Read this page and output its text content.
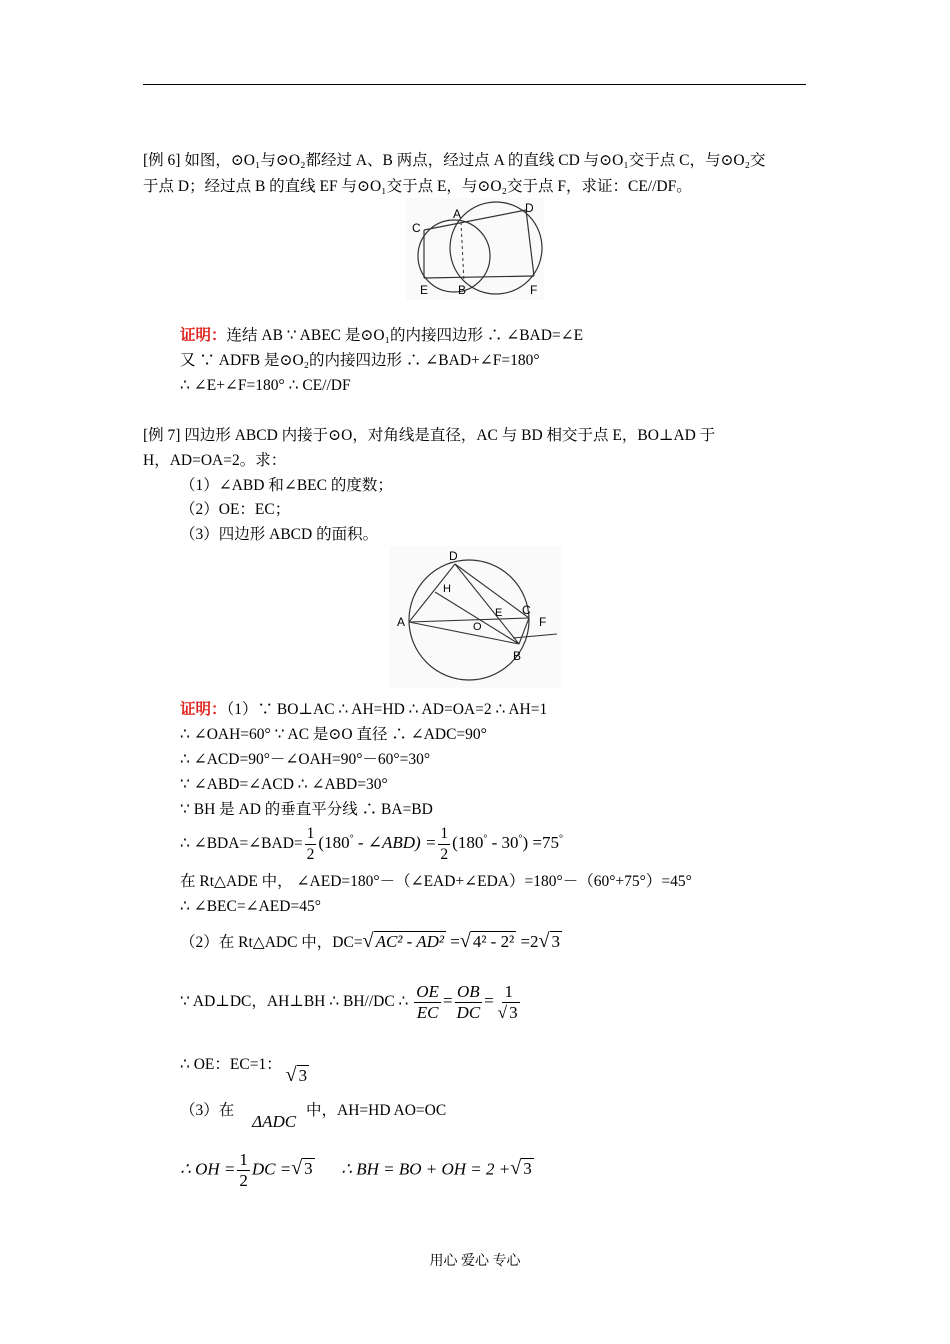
[例 6] 如图，⊙O₁与⊙O₂都经过 A、B 两点，经过点 A 的直线 CD 与⊙O₁交于点 C，与⊙O₂交
于点 D；经过点 B 的直线 EF 与⊙O₁交于点 E，与⊙O₂交于点 F，求证：CE//DF。
C
A	D
E B	F
证明：连结 AB ∵ ABEC 是⊙O₁的内接四边形 ∴ ∠BAD=∠E
又 ∵ ADFB 是⊙O₂的内接四边形 ∴ ∠BAD+∠F=180°
∴ ∠E+∠F=180° ∴ CE//DF
[例 7] 四边形 ABCD 内接于⊙O，对角线是直径，AC 与 BD 相交于点 E，BO⊥AD 于
H，AD=OA=2。求：
（1）∠ABD 和∠BEC 的度数；
（2）OE：EC；
（3）四边形 ABCD 的面积。
D
H
A	O
E C
F
B
证明：（1）∵ BO⊥AC ∴ AH=HD ∴ AD=OA=2 ∴ AH=1
∴ ∠OAH=60° ∵ AC 是⊙O 直径 ∴ ∠ADC=90°
∴ ∠ACD=90°－∠OAH=90°－60°=30°
∵ ∠ABD=∠ACD ∴ ∠ABD=30°
∵ BH 是 AD 的垂直平分线 ∴ BA=BD
∴ ∠BDA=∠BAD= $\frac{1}{2} (180^\circ$ - ∠ABD) = $\frac{1}{2} (180^\circ - 30^\circ) =75^\circ$
在 Rt△ADE 中， ∠AED=180°－（∠EAD+∠EDA）=180°－（60°+75°）=45°
∴ ∠BEC=∠AED=45°
（2）在 Rt△ADC 中，DC=√ AC² - AD² =√ 4² - 2² =2√ 3
∵ AD⊥DC，AH⊥BH ∴ BH//DC ∴ $\frac{OE}{EC} = \frac{OB}{DC} = \frac{1}{√ 3}$
∴ OE：EC=1： √ 3
（3）在 ΔADC 中，AH=HD AO=OC
∴ OH = $\frac{1}{2}$ DC =√ 3 ∴ BH = BO + OH = 2 +√ 3
用心 爱心 专心
